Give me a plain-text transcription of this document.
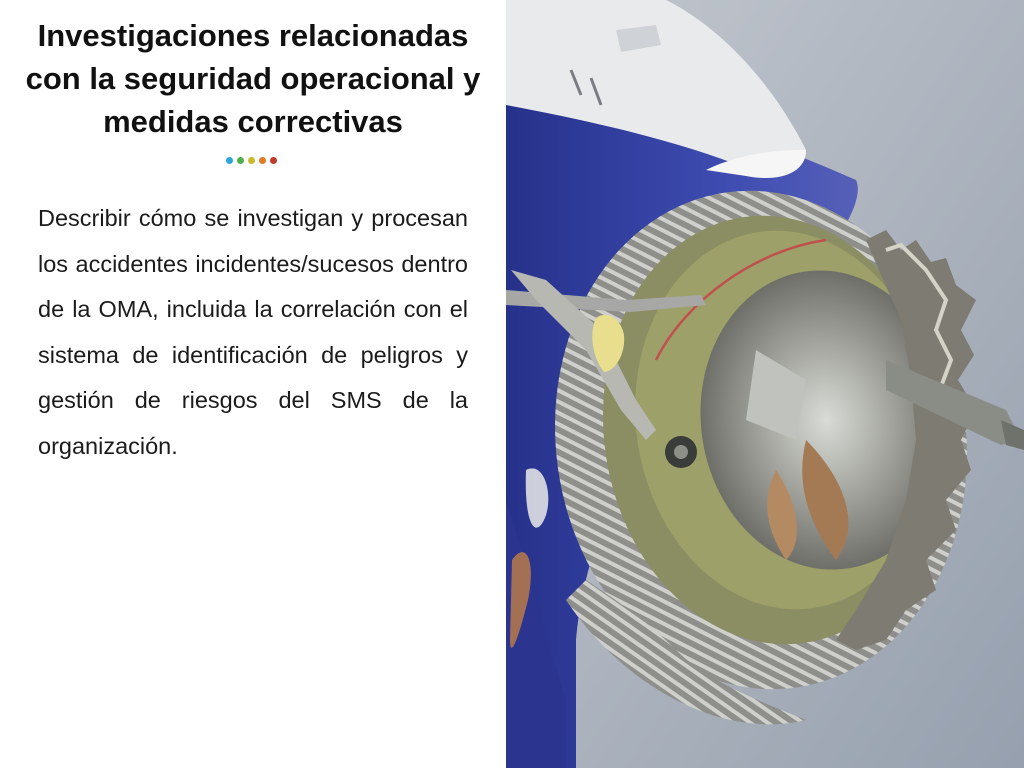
Investigaciones relacionadas con la seguridad operacional y medidas correctivas

Describir cómo se investigan y procesan los accidentes incidentes/sucesos dentro de la OMA, incluida la correlación con el sistema de identificación de peligros y gestión de riesgos del SMS de la organización.
